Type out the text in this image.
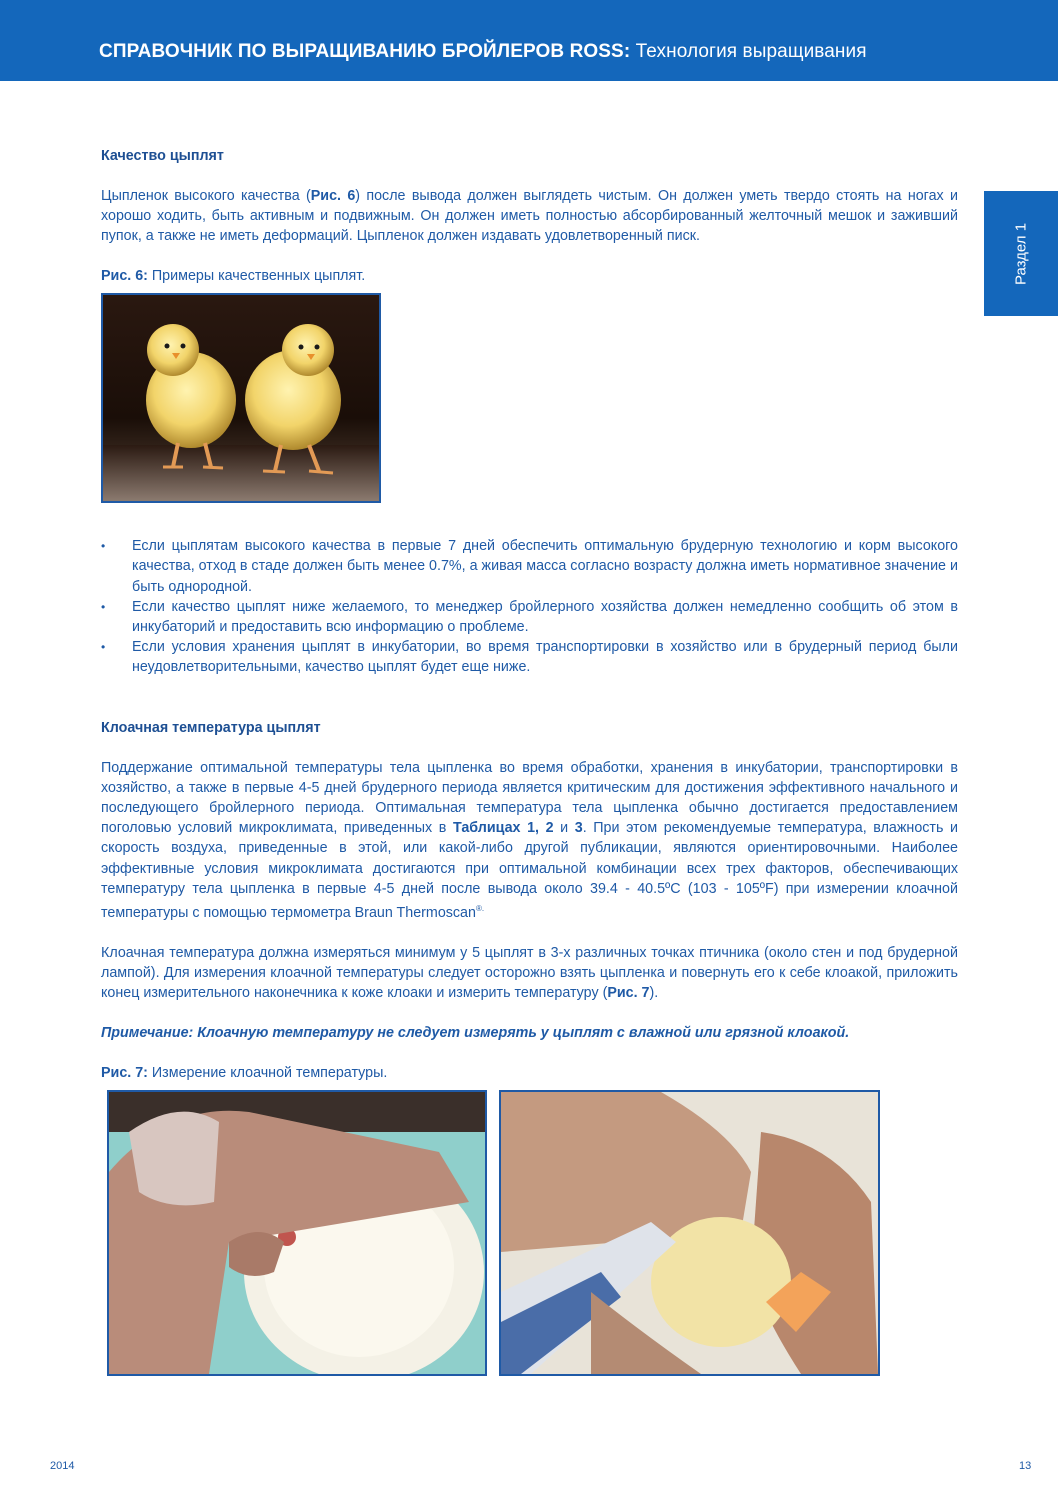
СПРАВОЧНИК ПО ВЫРАЩИВАНИЮ БРОЙЛЕРОВ ROSS: Технология выращивания
Раздел 1
Качество цыплят

Цыпленок высокого качества (Рис. 6) после вывода должен выглядеть чистым. Он должен уметь твердо стоять на ногах и хорошо ходить, быть активным и подвижным. Он должен иметь полностью абсорбированный желточный мешок и заживший пупок, а также не иметь деформаций. Цыпленок должен издавать удовлетворенный писк.

Рис. 6: Примеры качественных цыплят.

• Если цыплятам высокого качества в первые 7 дней обеспечить оптимальную брудерную технологию и корм высокого качества, отход в стаде должен быть менее 0.7%, а живая масса согласно возрасту должна иметь нормативное значение и быть однородной.
• Если качество цыплят ниже желаемого, то менеджер бройлерного хозяйства должен немедленно сообщить об этом в инкубаторий и предоставить всю информацию о проблеме.
• Если условия хранения цыплят в инкубатории, во время транспортировки в хозяйство или в брудерный период были неудовлетворительными, качество цыплят будет еще ниже.
Клоачная температура цыплят

Поддержание оптимальной температуры тела цыпленка во время обработки, хранения в инкубатории, транспортировки в хозяйство, а также в первые 4-5 дней брудерного периода является критическим для достижения эффективного начального и последующего бройлерного периода. Оптимальная температура тела цыпленка обычно достигается предоставлением поголовью условий микроклимата, приведенных в Таблицах 1, 2 и 3. При этом рекомендуемые температура, влажность и скорость воздуха, приведенные в этой, или какой-либо другой публикации, являются ориентировочными. Наиболее эффективные условия микроклимата достигаются при оптимальной комбинации всех трех факторов, обеспечивающих температуру тела цыпленка в первые 4-5 дней после вывода около 39.4 - 40.5ºC (103 - 105ºF) при измерении клоачной температуры с помощью термометра Braun Thermoscan®.

Клоачная температура должна измеряться минимум у 5 цыплят в 3-х различных точках птичника (около стен и под брудерной лампой). Для измерения клоачной температуры следует осторожно взять цыпленка и повернуть его к себе клоакой, приложить конец измерительного наконечника к коже клоаки и измерить температуру (Рис. 7).

Примечание: Клоачную температуру не следует измерять у цыплят с влажной или грязной клоакой.

Рис. 7: Измерение клоачной температуры.

2014	13
